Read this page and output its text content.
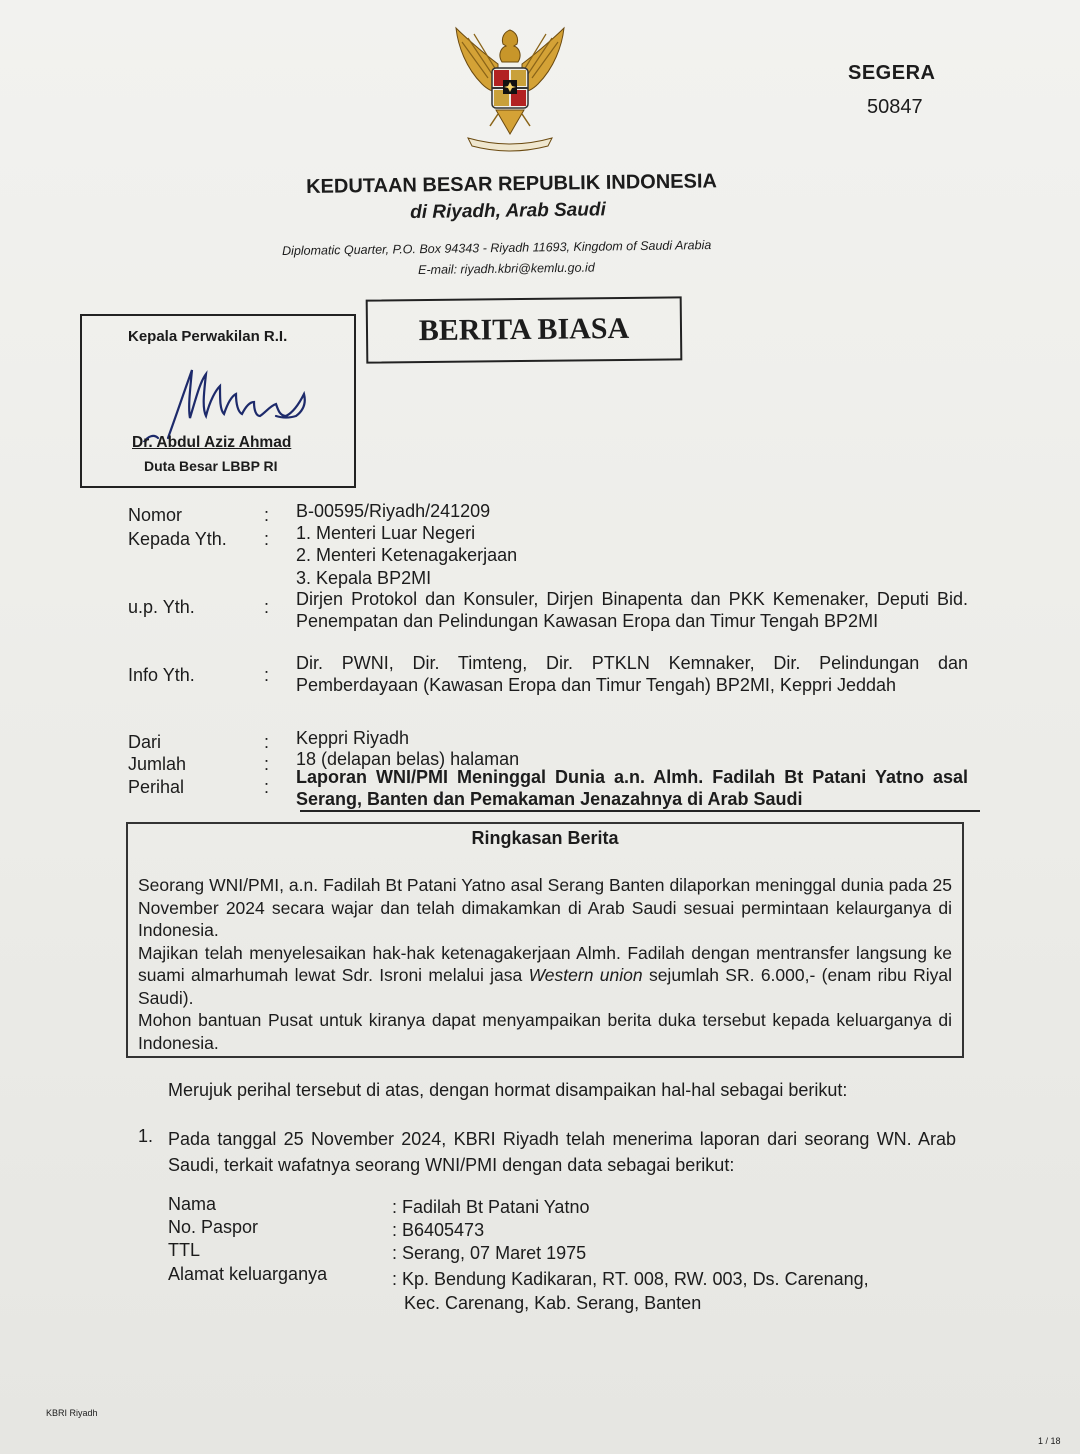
SEGERA
50847
KEDUTAAN BESAR REPUBLIK INDONESIA
di Riyadh, Arab Saudi
Diplomatic Quarter, P.O. Box 94343 - Riyadh 11693, Kingdom of Saudi Arabia
E-mail: riyadh.kbri@kemlu.go.id
Kepala Perwakilan R.I.
Dr. Abdul Aziz Ahmad
Duta Besar LBBP RI
BERITA BIASA
Nomor	: B-00595/Riyadh/241209
Kepada Yth. : 1. Menteri Luar Negeri
2. Menteri Ketenagakerjaan
3. Kepala BP2MI
u.p. Yth.	: Dirjen Protokol dan Konsuler, Dirjen Binapenta dan PKK Kemenaker, Deputi Bid. Penempatan dan Pelindungan Kawasan Eropa dan Timur Tengah BP2MI
Info Yth.	:
Dir. PWNI, Dir. Timteng, Dir. PTKLN Kemnaker, Dir. Pelindungan dan Pemberdayaan (Kawasan Eropa dan Timur Tengah) BP2MI, Keppri Jeddah
Dari	: Keppri Riyadh
Jumlah	: 18 (delapan belas) halaman
Perihal	: Laporan WNI/PMI Meninggal Dunia a.n. Almh. Fadilah Bt Patani Yatno asal Serang, Banten dan Pemakaman Jenazahnya di Arab Saudi
Ringkasan Berita

Seorang WNI/PMI, a.n. Fadilah Bt Patani Yatno asal Serang Banten dilaporkan meninggal dunia pada 25 November 2024 secara wajar dan telah dimakamkan di Arab Saudi sesuai permintaan kelaurganya di Indonesia.

Majikan telah menyelesaikan hak-hak ketenagakerjaan Almh. Fadilah dengan mentransfer langsung ke suami almarhumah lewat Sdr. Isroni melalui jasa Western union sejumlah SR. 6.000,- (enam ribu Riyal Saudi).

Mohon bantuan Pusat untuk kiranya dapat menyampaikan berita duka tersebut kepada keluarganya di Indonesia.

Merujuk perihal tersebut di atas, dengan hormat disampaikan hal-hal sebagai berikut:
1. Pada tanggal 25 November 2024, KBRI Riyadh telah menerima laporan dari seorang WN. Arab Saudi, terkait wafatnya seorang WNI/PMI dengan data sebagai berikut:
Nama	: Fadilah Bt Patani Yatno
No. Paspor	: B6405473
TTL	: Serang, 07 Maret 1975
Alamat keluarganya	: Kp. Bendung Kadikaran, RT. 008, RW. 003, Ds. Carenang,
Kec. Carenang, Kab. Serang, Banten
KBRI Riyadh
1 / 18
